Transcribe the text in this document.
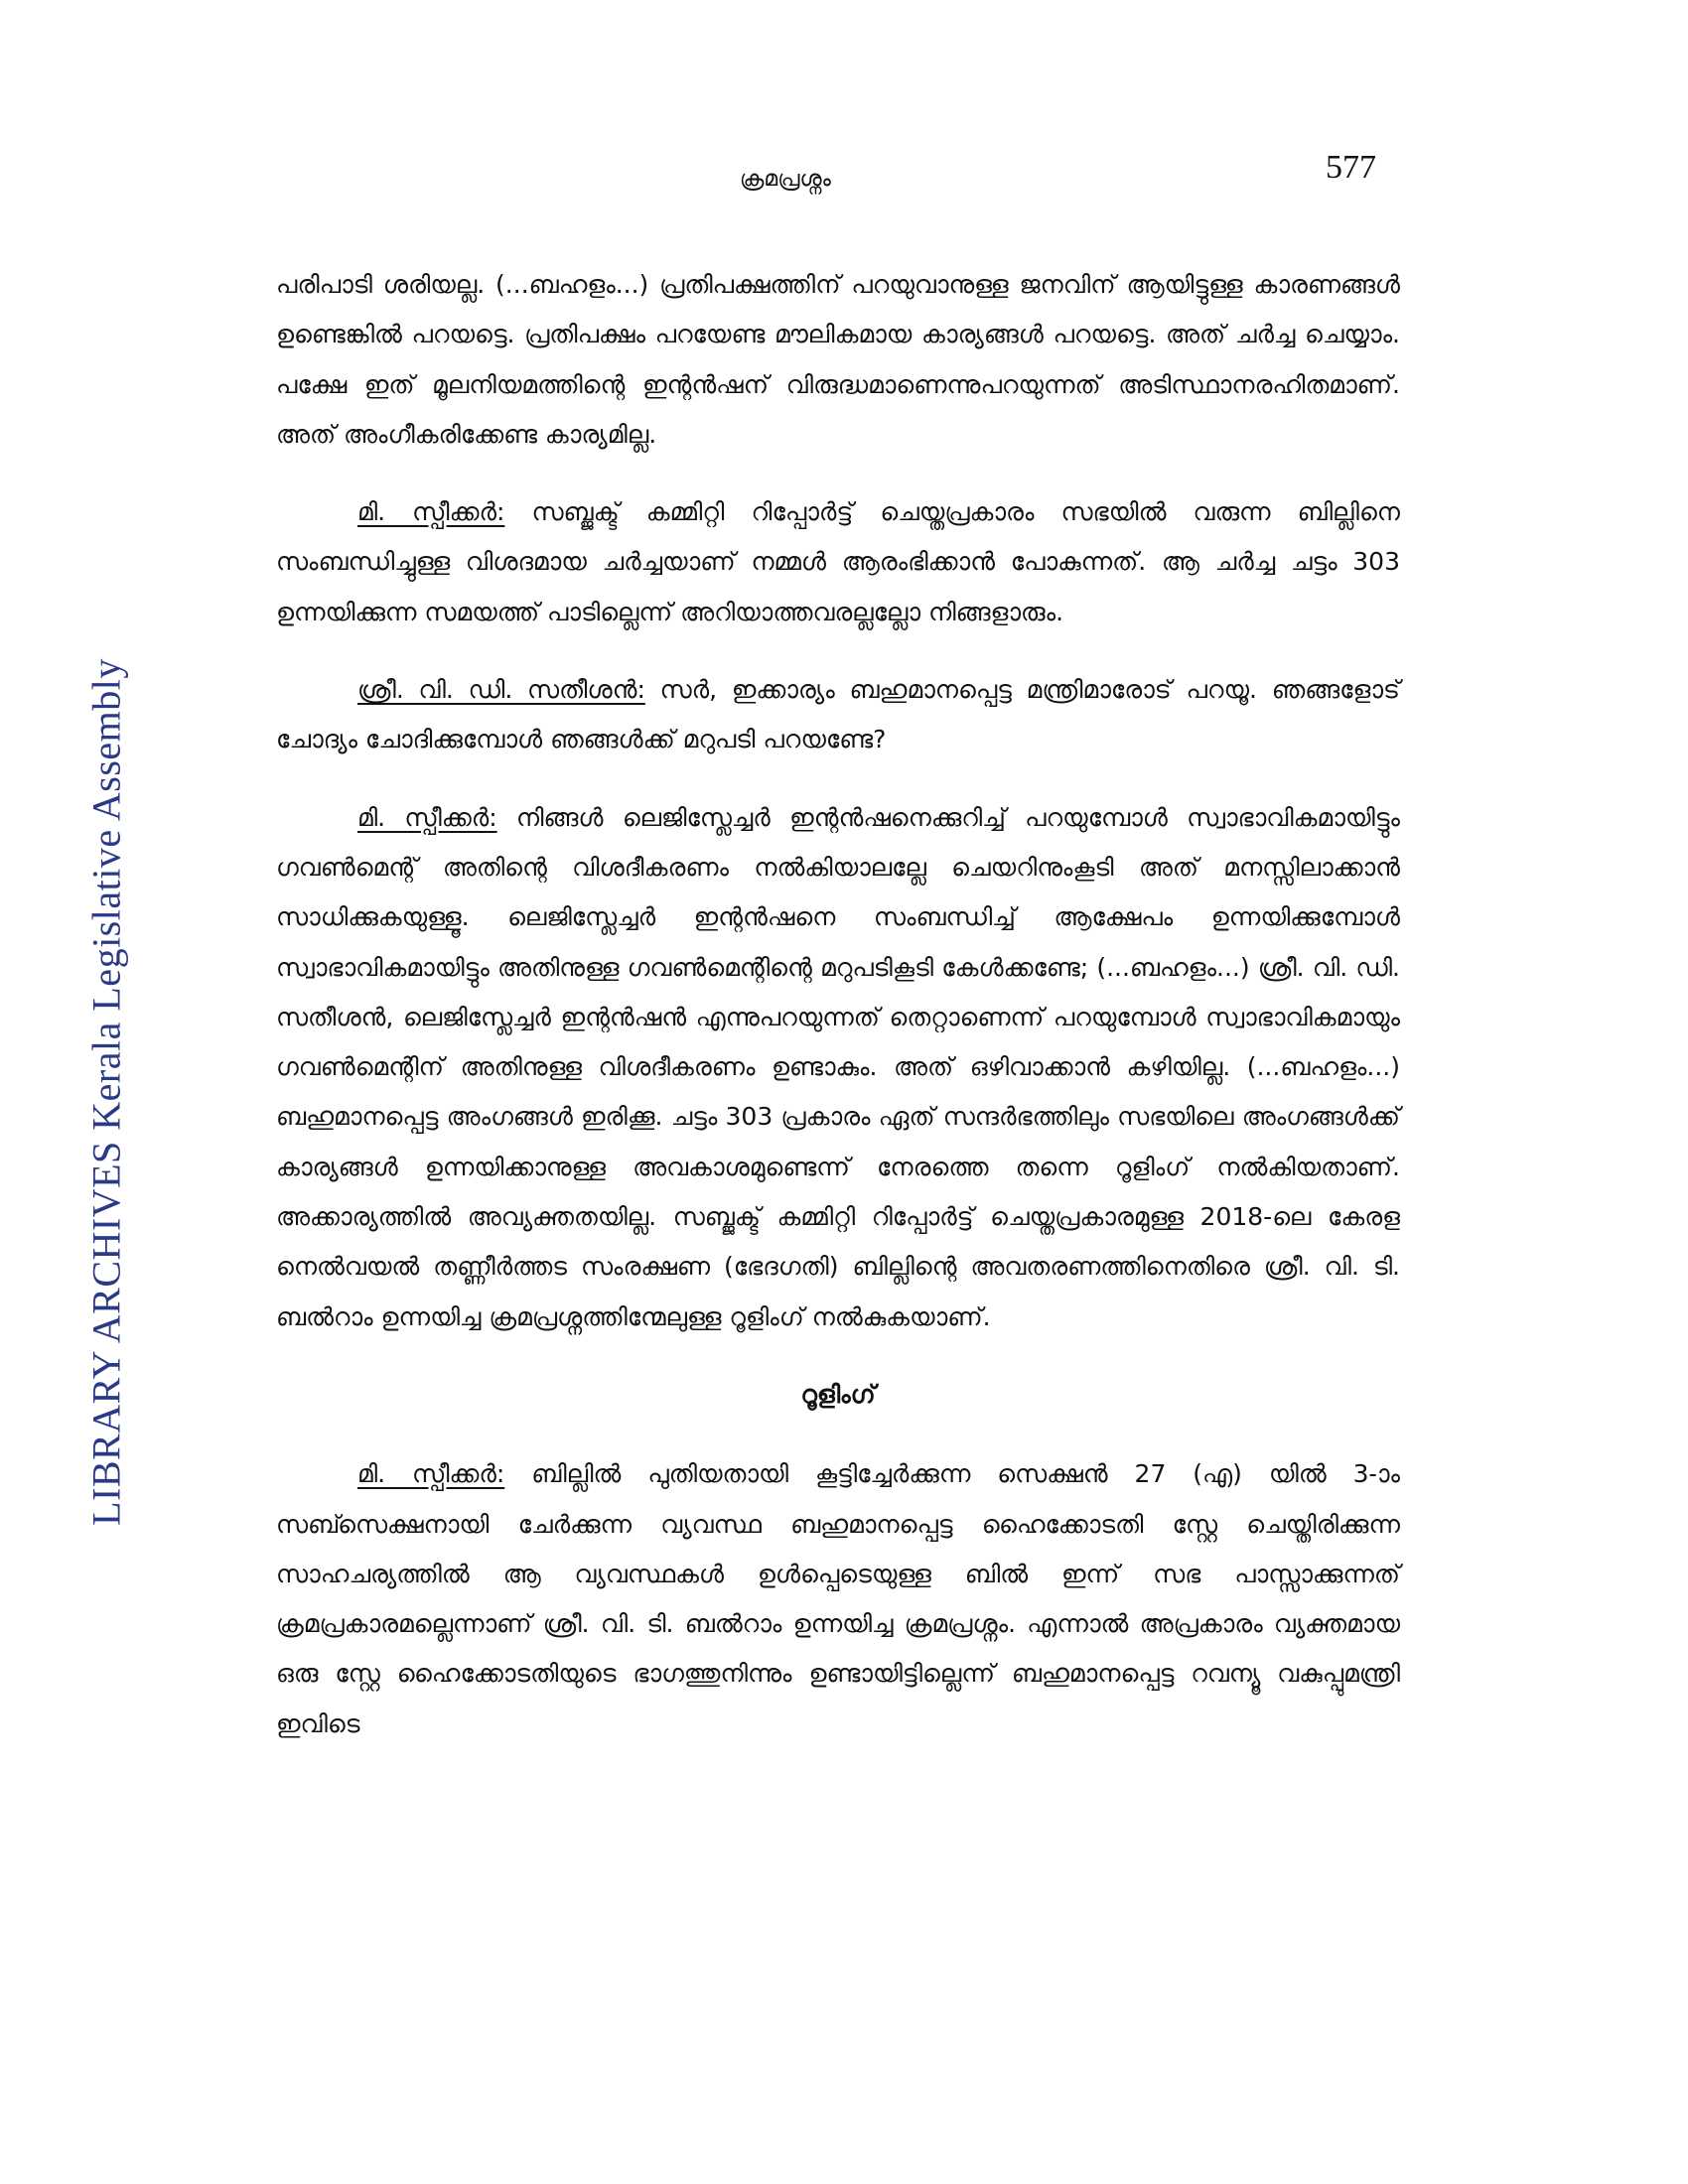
ക്രമപ്രശ്നം	577
LIBRARY ARCHIVES Kerala Legislative Assembly

പരിപാടി ശരിയല്ല. (...ബഹളം...) പ്രതിപക്ഷത്തിന് പറയുവാനുള്ള ജനവിന് ആയിട്ടുള്ള കാരണങ്ങൾ ഉണ്ടെങ്കിൽ പറയട്ടെ. പ്രതിപക്ഷം പറയേണ്ട മൗലികമായ കാര്യങ്ങൾ പറയട്ടെ. അത് ചർച്ച ചെയ്യാം. പക്ഷേ ഇത് മൂലനിയമത്തിന്റെ ഇന്റൻഷന് വിരുദ്ധമാണെന്നുപറയുന്നത് അടിസ്ഥാനരഹിതമാണ്. അത് അംഗീകരിക്കേണ്ട കാര്യമില്ല.

മി. സ്പീക്കർ: സബ്ജക്ട് കമ്മിറ്റി റിപ്പോർട്ട് ചെയ്തപ്രകാരം സഭയിൽ വരുന്ന ബില്ലിനെ സംബന്ധിച്ചുള്ള വിശദമായ ചർച്ചയാണ് നമ്മൾ ആരംഭിക്കാൻ പോകുന്നത്. ആ ചർച്ച ചട്ടം 303 ഉന്നയിക്കുന്ന സമയത്ത് പാടില്ലെന്ന് അറിയാത്തവരല്ലല്ലോ നിങ്ങളാരും.

ശ്രീ. വി. ഡി. സതീശൻ: സർ, ഇക്കാര്യം ബഹുമാനപ്പെട്ട മന്ത്രിമാരോട് പറയൂ. ഞങ്ങളോട് ചോദ്യം ചോദിക്കുമ്പോൾ ഞങ്ങൾക്ക് മറുപടി പറയണ്ടേ?

മി. സ്പീക്കർ: നിങ്ങൾ ലെജിസ്ലേച്ചർ ഇന്റൻഷനെക്കുറിച്ച് പറയുമ്പോൾ സ്വാഭാവികമായിട്ടും ഗവൺമെന്റ് അതിന്റെ വിശദീകരണം നൽകിയാലല്ലേ ചെയറിനുംകൂടി അത് മനസ്സിലാക്കാൻ സാധിക്കുകയുള്ളൂ. ലെജിസ്ലേച്ചർ ഇന്റൻഷനെ സംബന്ധിച്ച് ആക്ഷേപം ഉന്നയിക്കുമ്പോൾ സ്വാഭാവികമായിട്ടും അതിനുള്ള ഗവൺമെന്റിന്റെ മറുപടികൂടി കേൾക്കണ്ടേ; (...ബഹളം...) ശ്രീ. വി. ഡി. സതീശൻ, ലെജിസ്ലേച്ചർ ഇന്റൻഷൻ എന്നുപറയുന്നത് തെറ്റാണെന്ന് പറയുമ്പോൾ സ്വാഭാവികമായും ഗവൺമെന്റിന് അതിനുള്ള വിശദീകരണം ഉണ്ടാകും. അത് ഒഴിവാക്കാൻ കഴിയില്ല. (...ബഹളം...) ബഹുമാനപ്പെട്ട അംഗങ്ങൾ ഇരിക്കൂ. ചട്ടം 303 പ്രകാരം ഏത് സന്ദർഭത്തിലും സഭയിലെ അംഗങ്ങൾക്ക് കാര്യങ്ങൾ ഉന്നയിക്കാനുള്ള അവകാശമുണ്ടെന്ന് നേരത്തെ തന്നെ റൂളിംഗ് നൽകിയതാണ്. അക്കാര്യത്തിൽ അവ്യക്തതയില്ല. സബ്ജക്ട് കമ്മിറ്റി റിപ്പോർട്ട് ചെയ്തപ്രകാരമുള്ള 2018-ലെ കേരള നെൽവയൽ തണ്ണീർത്തട സംരക്ഷണ (ഭേദഗതി) ബില്ലിന്റെ അവതരണത്തിനെതിരെ ശ്രീ. വി. ടി. ബൽറാം ഉന്നയിച്ച ക്രമപ്രശ്നത്തിന്മേലുള്ള റൂളിംഗ് നൽകുകയാണ്.

റൂളിംഗ്

മി. സ്പീക്കർ: ബില്ലിൽ പുതിയതായി കൂട്ടിച്ചേർക്കുന്ന സെക്ഷൻ 27 (എ) യിൽ 3-ാം സബ്സെക്ഷനായി ചേർക്കുന്ന വ്യവസ്ഥ ബഹുമാനപ്പെട്ട ഹൈക്കോടതി സ്റ്റേ ചെയ്തിരിക്കുന്ന സാഹചര്യത്തിൽ ആ വ്യവസ്ഥകൾ ഉൾപ്പെടെയുള്ള ബിൽ ഇന്ന് സഭ പാസ്സാക്കുന്നത് ക്രമപ്രകാരമല്ലെന്നാണ് ശ്രീ. വി. ടി. ബൽറാം ഉന്നയിച്ച ക്രമപ്രശ്നം. എന്നാൽ അപ്രകാരം വ്യക്തമായ ഒരു സ്റ്റേ ഹൈക്കോടതിയുടെ ഭാഗത്തുനിന്നും ഉണ്ടായിട്ടില്ലെന്ന് ബഹുമാനപ്പെട്ട റവന്യൂ വകുപ്പുമന്ത്രി ഇവിടെ
